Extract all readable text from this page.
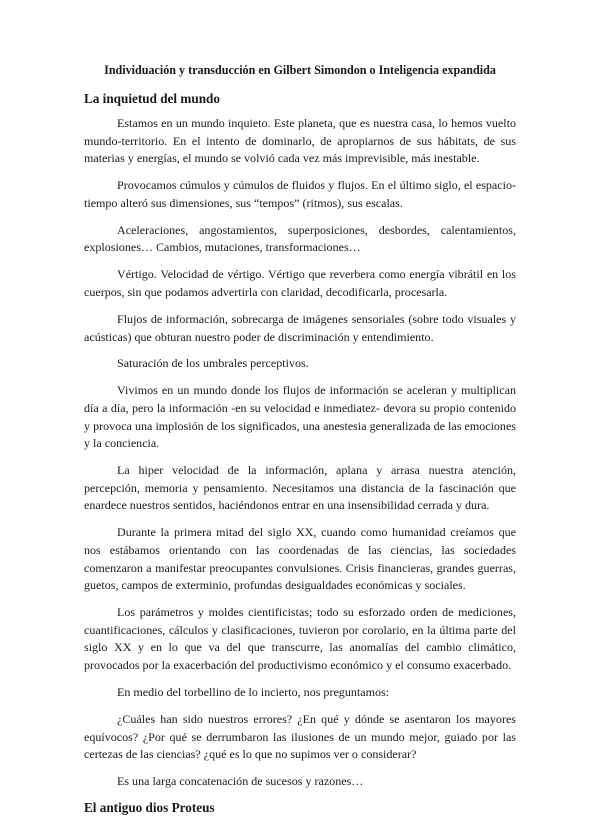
Individuación y transducción en Gilbert Simondon o Inteligencia expandida
La inquietud del mundo

Estamos en un mundo inquieto. Este planeta, que es nuestra casa, lo hemos vuelto mundo-territorio. En el intento de dominarlo, de apropiarnos de sus hábitats, de sus materias y energías, el mundo se volvió cada vez más imprevisible, más inestable.

Provocamos cúmulos y cúmulos de fluidos y flujos. En el último siglo, el espacio-tiempo alteró sus dimensiones, sus “tempos” (ritmos), sus escalas.

Aceleraciones, angostamientos, superposiciones, desbordes, calentamientos, explosiones… Cambios, mutaciones, transformaciones…

Vértigo. Velocidad de vértigo. Vértigo que reverbera como energía vibrátil en los cuerpos, sin que podamos advertirla con claridad, decodificarla, procesarla.

Flujos de información, sobrecarga de imágenes sensoriales (sobre todo visuales y acústicas) que obturan nuestro poder de discriminación y entendimiento.

Saturación de los umbrales perceptivos.

Vivimos en un mundo donde los flujos de información se aceleran y multiplican día a día, pero la información -en su velocidad e inmediatez- devora su propio contenido y provoca una implosión de los significados, una anestesia generalizada de las emociones y la conciencia.

La hiper velocidad de la información, aplana y arrasa nuestra atención, percepción, memoria y pensamiento. Necesitamos una distancia de la fascinación que enardece nuestros sentidos, haciéndonos entrar en una insensibilidad cerrada y dura.

Durante la primera mitad del siglo XX, cuando como humanidad creíamos que nos estábamos orientando con las coordenadas de las ciencias, las sociedades comenzaron a manifestar preocupantes convulsiones. Crisis financieras, grandes guerras, guetos, campos de exterminio, profundas desigualdades económicas y sociales.

Los parámetros y moldes cientificistas; todo su esforzado orden de mediciones, cuantificaciones, cálculos y clasificaciones, tuvieron por corolario, en la última parte del siglo XX y en lo que va del que transcurre, las anomalías del cambio climático, provocados por la exacerbación del productivismo económico y el consumo exacerbado.

En medio del torbellino de lo incierto, nos preguntamos:

¿Cuáles han sido nuestros errores? ¿En qué y dónde se asentaron los mayores equívocos? ¿Por qué se derrumbaron las ilusiones de un mundo mejor, guiado por las certezas de las ciencias? ¿qué es lo que no supimos ver o considerar?

Es una larga concatenación de sucesos y razones…

El antiguo dios Proteus
